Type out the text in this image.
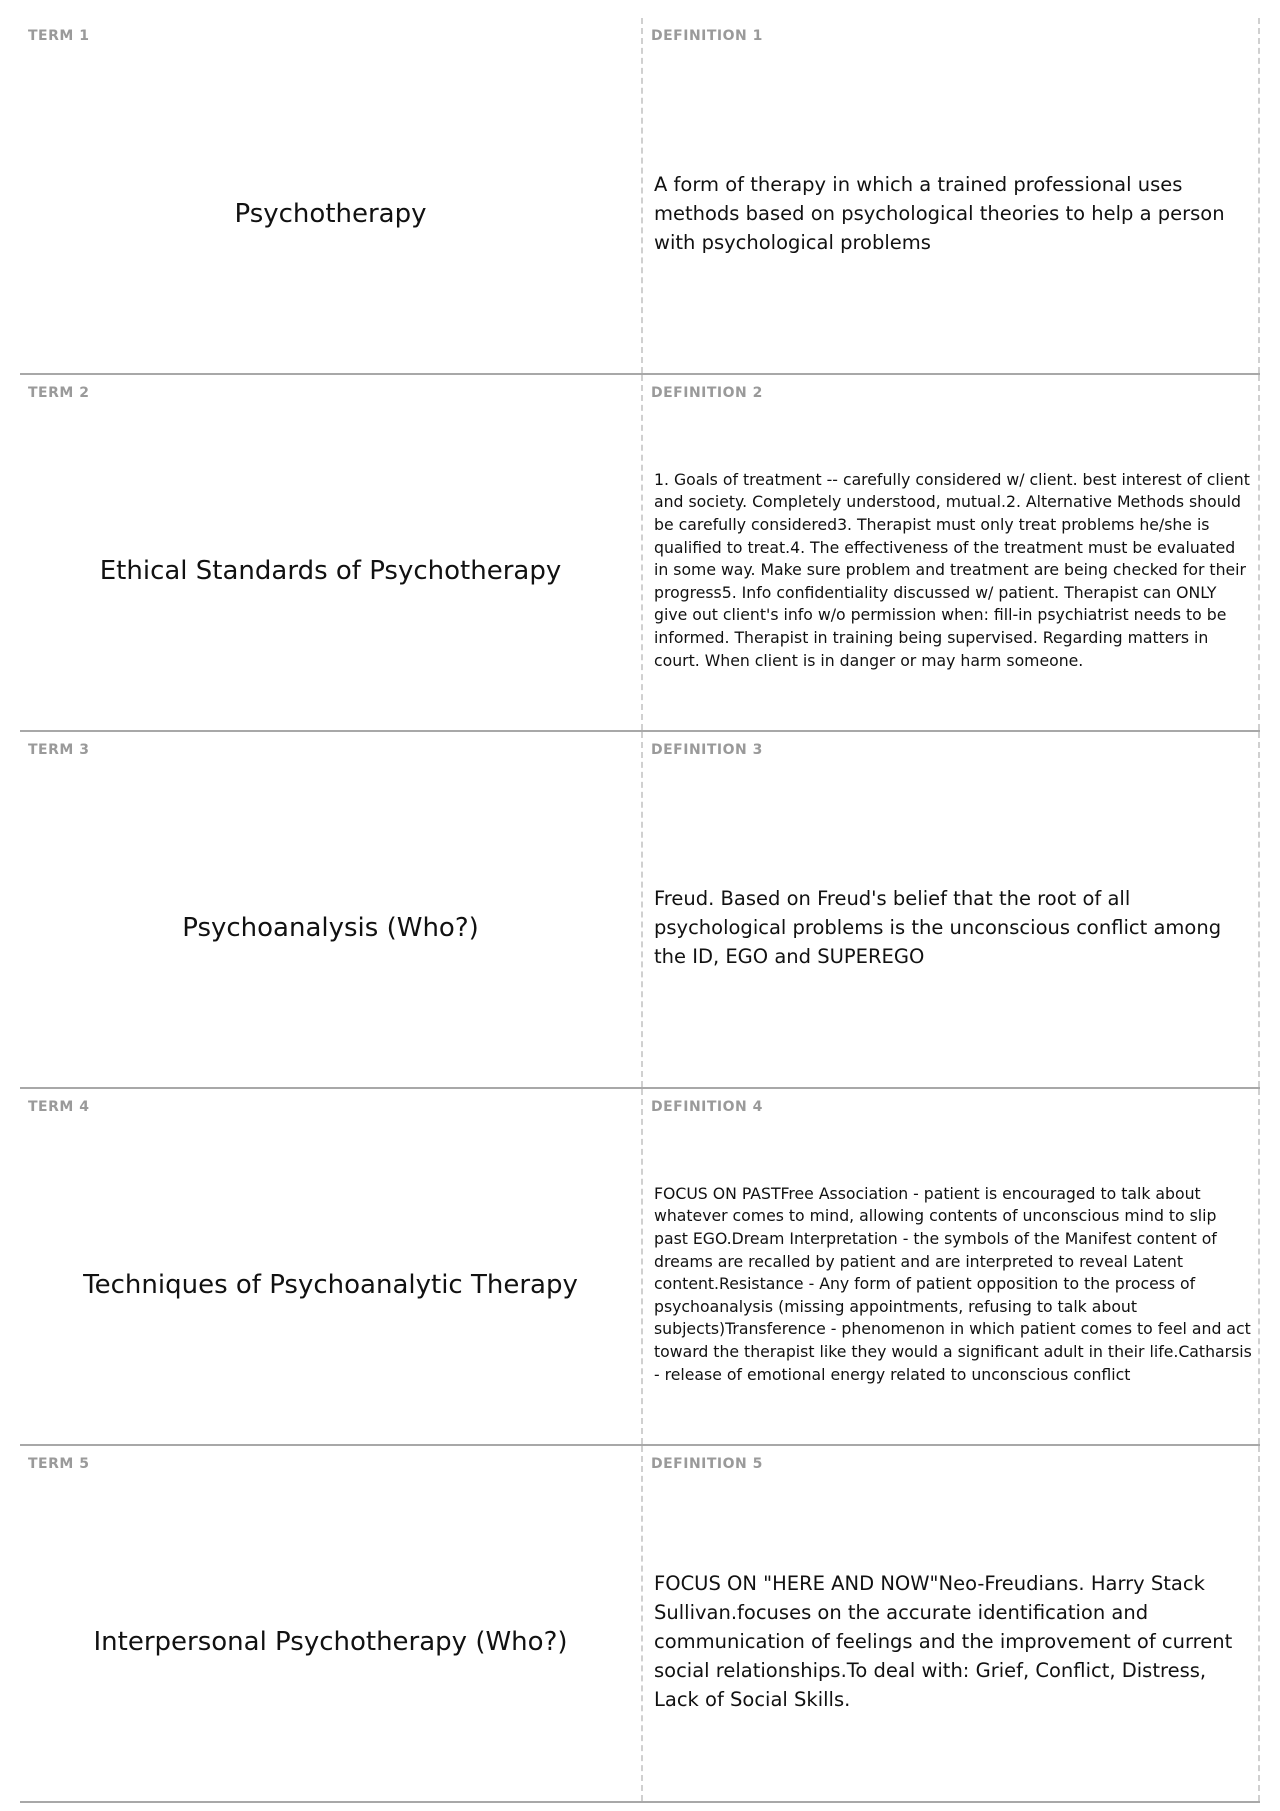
TERM 1
Psychotherapy
DEFINITION 1
A form of therapy in which a trained professional uses methods based on psychological theories to help a person with psychological problems
TERM 2
Ethical Standards of Psychotherapy
DEFINITION 2
1. Goals of treatment -- carefully considered w/ client. best interest of client and society. Completely understood, mutual.2. Alternative Methods should be carefully considered3. Therapist must only treat problems he/she is qualified to treat.4. The effectiveness of the treatment must be evaluated in some way. Make sure problem and treatment are being checked for their progress5. Info confidentiality discussed w/ patient. Therapist can ONLY give out client's info w/o permission when: fill-in psychiatrist needs to be informed. Therapist in training being supervised. Regarding matters in court. When client is in danger or may harm someone.
TERM 3
Psychoanalysis (Who?)
DEFINITION 3
Freud. Based on Freud's belief that the root of all psychological problems is the unconscious conflict among the ID, EGO and SUPEREGO
TERM 4
Techniques of Psychoanalytic Therapy
DEFINITION 4
FOCUS ON PASTFree Association - patient is encouraged to talk about whatever comes to mind, allowing contents of unconscious mind to slip past EGO.Dream Interpretation - the symbols of the Manifest content of dreams are recalled by patient and are interpreted to reveal Latent content.Resistance - Any form of patient opposition to the process of psychoanalysis (missing appointments, refusing to talk about subjects)Transference - phenomenon in which patient comes to feel and act toward the therapist like they would a significant adult in their life.Catharsis - release of emotional energy related to unconscious conflict
TERM 5
Interpersonal Psychotherapy (Who?)
DEFINITION 5
FOCUS ON "HERE AND NOW"Neo-Freudians. Harry Stack Sullivan.focuses on the accurate identification and communication of feelings and the improvement of current social relationships.To deal with: Grief, Conflict, Distress, Lack of Social Skills.
